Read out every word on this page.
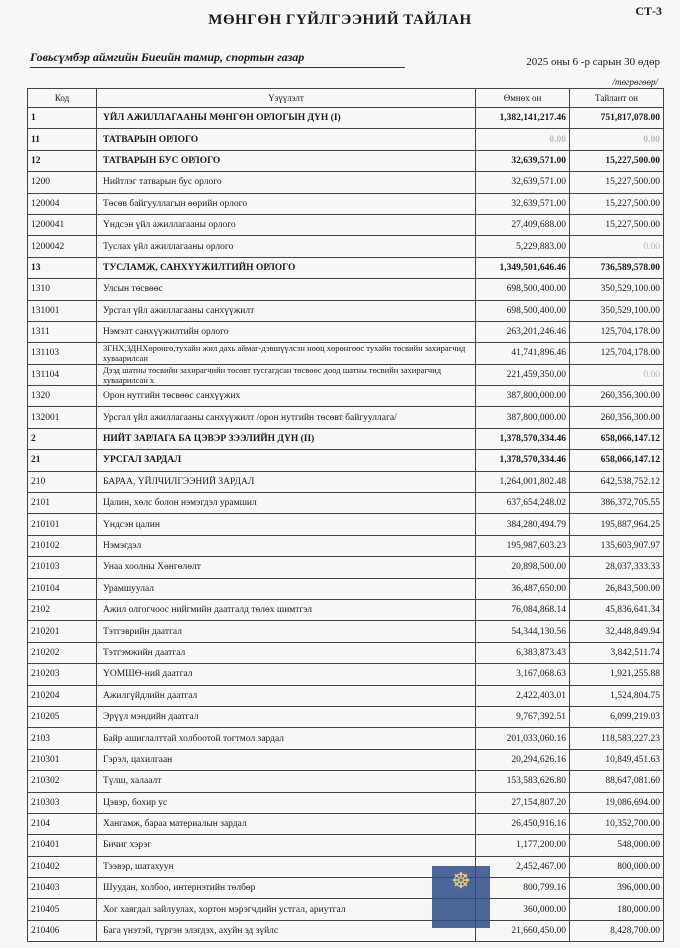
МӨНГӨН ГҮЙЛГЭЭНИЙ ТАЙЛАН
СТ-3
Говьсүмбэр аймгийн Биеийн тамир, спортын газар	2025 оны 6 -р сарын 30 өдөр
/төгрөгөөр/
Код	Үзүүлэлт	Өмнөх он	Тайлант он
1	ҮЙЛ АЖИЛЛАГААНЫ МӨНГӨН ОРЛОГЫН ДҮН (I)	1,382,141,217.46	751,817,078.00
11	ТАТВАРЫН ОРЛОГО	0.00	0.00
12	ТАТВАРЫН БУС ОРЛОГО	32,639,571.00	15,227,500.00
1200	Нийтлэг татварын бус орлого	32,639,571.00	15,227,500.00
120004	Төсөв байгууллагын өөрийн орлого	32,639,571.00	15,227,500.00
1200041	Үндсэн үйл ажиллагааны орлого	27,409,688.00	15,227,500.00
1200042	Туслах үйл ажиллагааны орлого	5,229,883.00	0.00
13	ТУСЛАМЖ, САНХҮҮЖИЛТИЙН ОРЛОГО	1,349,501,646.46	736,589,578.00
1310	Улсын төсвөөс	698,500,400.00	350,529,100.00
131001	Урсгал үйл ажиллагааны санхүүжилт	698,500,400.00	350,529,100.00
1311	Нэмэлт санхүүжилтийн орлого	263,201,246.46	125,704,178.00
131103	ЗГНХ,ЗДНХөрөнгө,тухайн жил дахь аймаг-дэвшүүлсэн нөөц хөрөнгөөс тухайн төсвийн захирагчид хуваарилсан	41,741,896.46	125,704,178.00
131104	Дээд шатны төсвийн захирагчийн төсөвт тусгагдсан төсвөөс доод шатны төсвийн захирагчид хуваарилсан х	221,459,350.00	0.00
1320	Орон нутгийн төсвөөс санхүүжих	387,800,000.00	260,356,300.00
132001	Урсгал үйл ажиллагааны санхүүжилт /орон нутгийн төсөвт байгууллага/	387,800,000.00	260,356,300.00
2	НИЙТ ЗАРЛАГА БА ЦЭВЭР ЗЭЭЛИЙН ДҮН (II)	1,378,570,334.46	658,066,147.12
21	УРСГАЛ ЗАРДАЛ	1,378,570,334.46	658,066,147.12
210	БАРАА, ҮЙЛЧИЛГЭЭНИЙ ЗАРДАЛ	1,264,001,802.48	642,538,752.12
2101	Цалин, хөлс болон нэмэгдэл урамшил	637,654,248.02	386,372,705.55
210101	Үндсэн цалин	384,280,494.79	195,887,964.25
210102	Нэмэгдэл	195,987,603.23	135,603,907.97
210103	Унаа хоолны Хөнгөлөлт	20,898,500.00	28,037,333.33
210104	Урамшуулал	36,487,650.00	26,843,500.00
2102	Ажил олгогчоос нийгмийн даатгалд төлөх шимтгэл	76,084,868.14	45,836,641.34
210201	Тэтгэврийн даатгал	54,344,130.56	32,448,849.94
210202	Тэтгэмжийн даатгал	6,383,873.43	3,842,511.74
210203	ҮОМШӨ-ний даатгал	3,167,068.63	1,921,255.88
210204	Ажилгүйдлийн даатгал	2,422,403.01	1,524,804.75
210205	Эрүүл мэндийн даатгал	9,767,392.51	6,099,219.03
2103	Байр ашиглалттай холбоотой тогтмол зардал	201,033,060.16	118,583,227.23
210301	Гэрэл, цахилгаан	20,294,626.16	10,849,451.63
210302	Түлш, халаалт	153,583,626.80	88,647,081.60
210303	Цэвэр, бохир ус	27,154,807.20	19,086,694.00
2104	Хангамж, бараа материалын зардал	26,450,916.16	10,352,700.00
210401	Бичиг хэрэг	1,177,200.00	548,000.00
210402	Тээвэр, шатахуун	2,452,467.00	800,000.00
210403	Шуудан, холбоо, интернэтийн төлбөр	800,799.16	396,000.00
210405	Хог хаягдал зайлуулах, хортон мэрэгчдийн устгал, ариутгал	360,000.00	180,000.00
210406	Бага үнэтэй, түргэн элэгдэх, ахуйн эд зүйлс	21,660,450.00	8,428,700.00
☸
